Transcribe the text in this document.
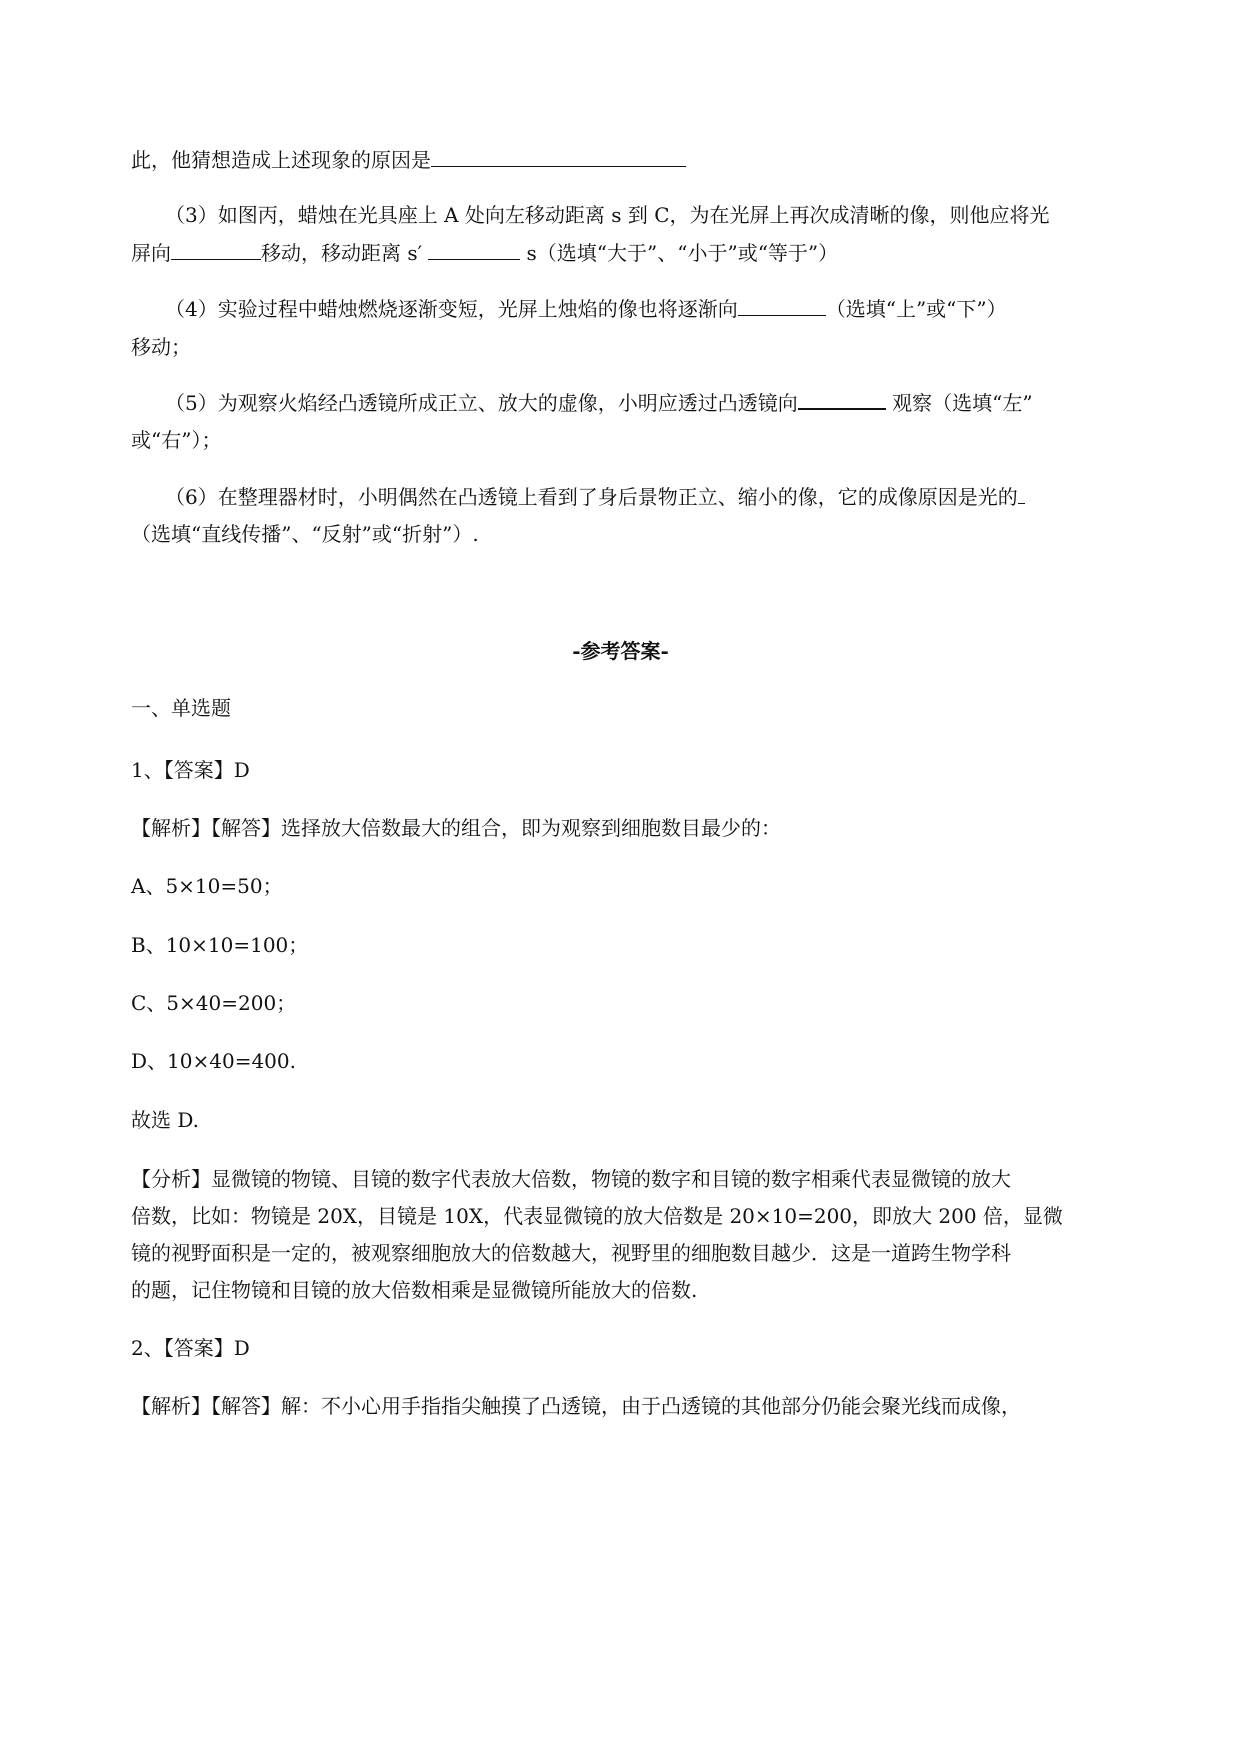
此，他猜想造成上述现象的原因是
（3）如图丙，蜡烛在光具座上 A 处向左移动距离 s 到 C，为在光屏上再次成清晰的像，则他应将光
屏向	移动，移动距离 s′	s（选填“大于”、“小于”或“等于”）
（4）实验过程中蜡烛燃烧逐渐变短，光屏上烛焰的像也将逐渐向	（选填“上”或“下”）
移动；
（5）为观察火焰经凸透镜所成正立、放大的虚像，小明应透过凸透镜向	观察（选填“左”
或“右”）；
（6）在整理器材时，小明偶然在凸透镜上看到了身后景物正立、缩小的像，它的成像原因是光的
（选填“直线传播”、“反射”或“折射”）.
-参考答案-
一、单选题
1、【答案】D
【解析】【解答】选择放大倍数最大的组合，即为观察到细胞数目最少的：
A、5×10=50；
B、10×10=100；
C、5×40=200；
D、10×40=400.
故选 D.
【分析】显微镜的物镜、目镜的数字代表放大倍数，物镜的数字和目镜的数字相乘代表显微镜的放大
倍数，比如：物镜是 20X，目镜是 10X，代表显微镜的放大倍数是 20×10=200，即放大 200 倍，显微
镜的视野面积是一定的，被观察细胞放大的倍数越大，视野里的细胞数目越少．这是一道跨生物学科
的题，记住物镜和目镜的放大倍数相乘是显微镜所能放大的倍数.
2、【答案】D
【解析】【解答】解：不小心用手指指尖触摸了凸透镜，由于凸透镜的其他部分仍能会聚光线而成像，
